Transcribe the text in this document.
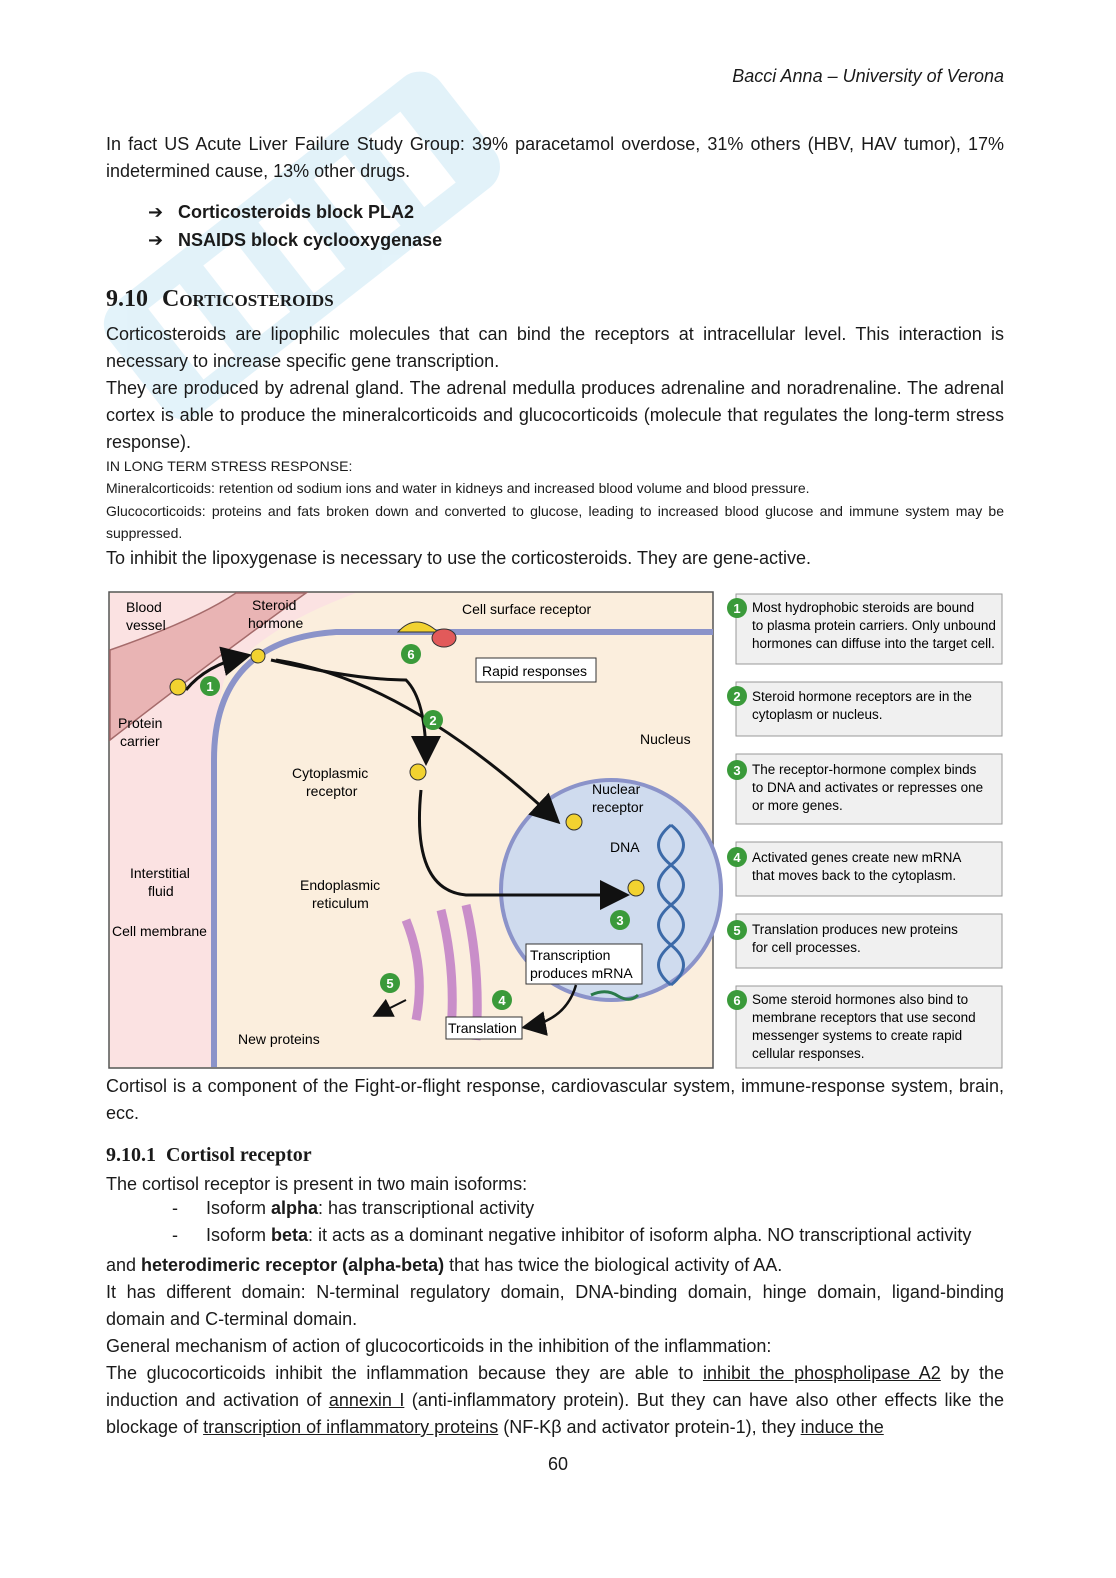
Bacci Anna – University of Verona
In fact US Acute Liver Failure Study Group: 39% paracetamol overdose, 31% others (HBV, HAV tumor), 17% indetermined cause, 13% other drugs.
➔ Corticosteroids block PLA2
➔ NSAIDS block cyclooxygenase
9.10 Corticosteroids
Corticosteroids are lipophilic molecules that can bind the receptors at intracellular level. This interaction is necessary to increase specific gene transcription.
They are produced by adrenal gland. The adrenal medulla produces adrenaline and noradrenaline. The adrenal cortex is able to produce the mineralcorticoids and glucocorticoids (molecule that regulates the long-term stress response).
IN LONG TERM STRESS RESPONSE:
Mineralcorticoids: retention od sodium ions and water in kidneys and increased blood volume and blood pressure.
Glucocorticoids: proteins and fats broken down and converted to glucose, leading to increased blood glucose and immune system may be suppressed.
To inhibit the lipoxygenase is necessary to use the corticosteroids. They are gene-active.
Blood
vessel
Steroid
hormone
Cell surface receptor
Rapid responses
Protein
carrier	Nucleus
Cytoplasmic
receptor	Nuclear
receptor
DNA
Interstitial
fluid	Endoplasmic
reticulum
Cell membrane
Transcription
produces mRNA
Translation
New proteins
1
2
3
4
5
6
1 Most hydrophobic steroids are bound
to plasma protein carriers. Only unbound
hormones can diffuse into the target cell.
2 Steroid hormone receptors are in the
cytoplasm or nucleus.
3 The receptor-hormone complex binds
to DNA and activates or represses one
or more genes.
4 Activated genes create new mRNA
that moves back to the cytoplasm.
5 Translation produces new proteins
for cell processes.
6 Some steroid hormones also bind to
membrane receptors that use second
messenger systems to create rapid
cellular responses.
Cortisol is a component of the Fight-or-flight response, cardiovascular system, immune-response system, brain, ecc.
9.10.1 Cortisol receptor
The cortisol receptor is present in two main isoforms:
- Isoform alpha: has transcriptional activity
- Isoform beta: it acts as a dominant negative inhibitor of isoform alpha. NO transcriptional activity
and heterodimeric receptor (alpha-beta) that has twice the biological activity of AA.
It has different domain: N-terminal regulatory domain, DNA-binding domain, hinge domain, ligand-binding domain and C-terminal domain.
General mechanism of action of glucocorticoids in the inhibition of the inflammation:
The glucocorticoids inhibit the inflammation because they are able to inhibit the phospholipase A2 by the induction and activation of annexin I (anti-inflammatory protein). But they can have also other effects like the blockage of transcription of inflammatory proteins (NF-Kβ and activator protein-1), they induce the
60
